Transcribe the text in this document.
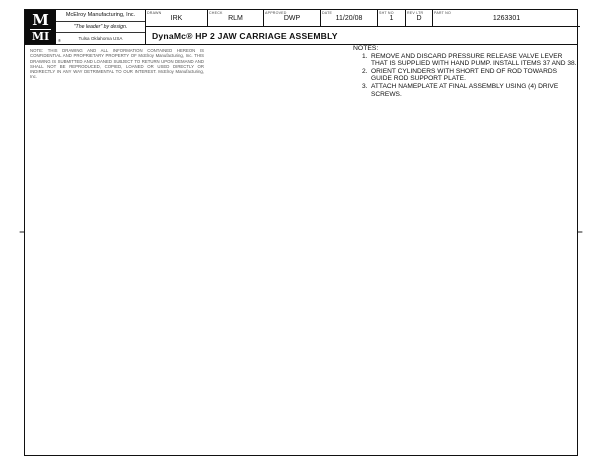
M
MI
McElroy Manufacturing, Inc.
"The leader" by design.
Tulsa Oklahoma USA
®
DRAWN
IRK
CHECK
RLM
APPROVED
DWP
DATE
11/20/08
SHT NO
1
REV LTR
D
PART NO
1263301
DynaMc® HP 2 JAW CARRIAGE ASSEMBLY
NOTE: THIS DRAWING AND ALL INFORMATION CONTAINED HEREON IS CONFIDENTIAL AND PROPRIETARY PROPERTY OF McElroy Manufacturing, Inc. THIS DRAWING IS SUBMITTED AND LOANED SUBJECT TO RETURN UPON DEMAND AND SHALL NOT BE REPRODUCED, COPIED, LOANED OR USED DIRECTLY OR INDIRECTLY IN ANY WAY DETRIMENTAL TO OUR INTEREST. McElroy Manufacturing, Inc.
NOTES:
REMOVE AND DISCARD PRESSURE RELEASE VALVE LEVER THAT IS SUPPLIED WITH HAND PUMP. INSTALL ITEMS 37 AND 38.
ORIENT CYLINDERS WITH SHORT END OF ROD TOWARDS GUIDE ROD SUPPORT PLATE.
ATTACH NAMEPLATE AT FINAL ASSEMBLY USING (4) DRIVE SCREWS.
